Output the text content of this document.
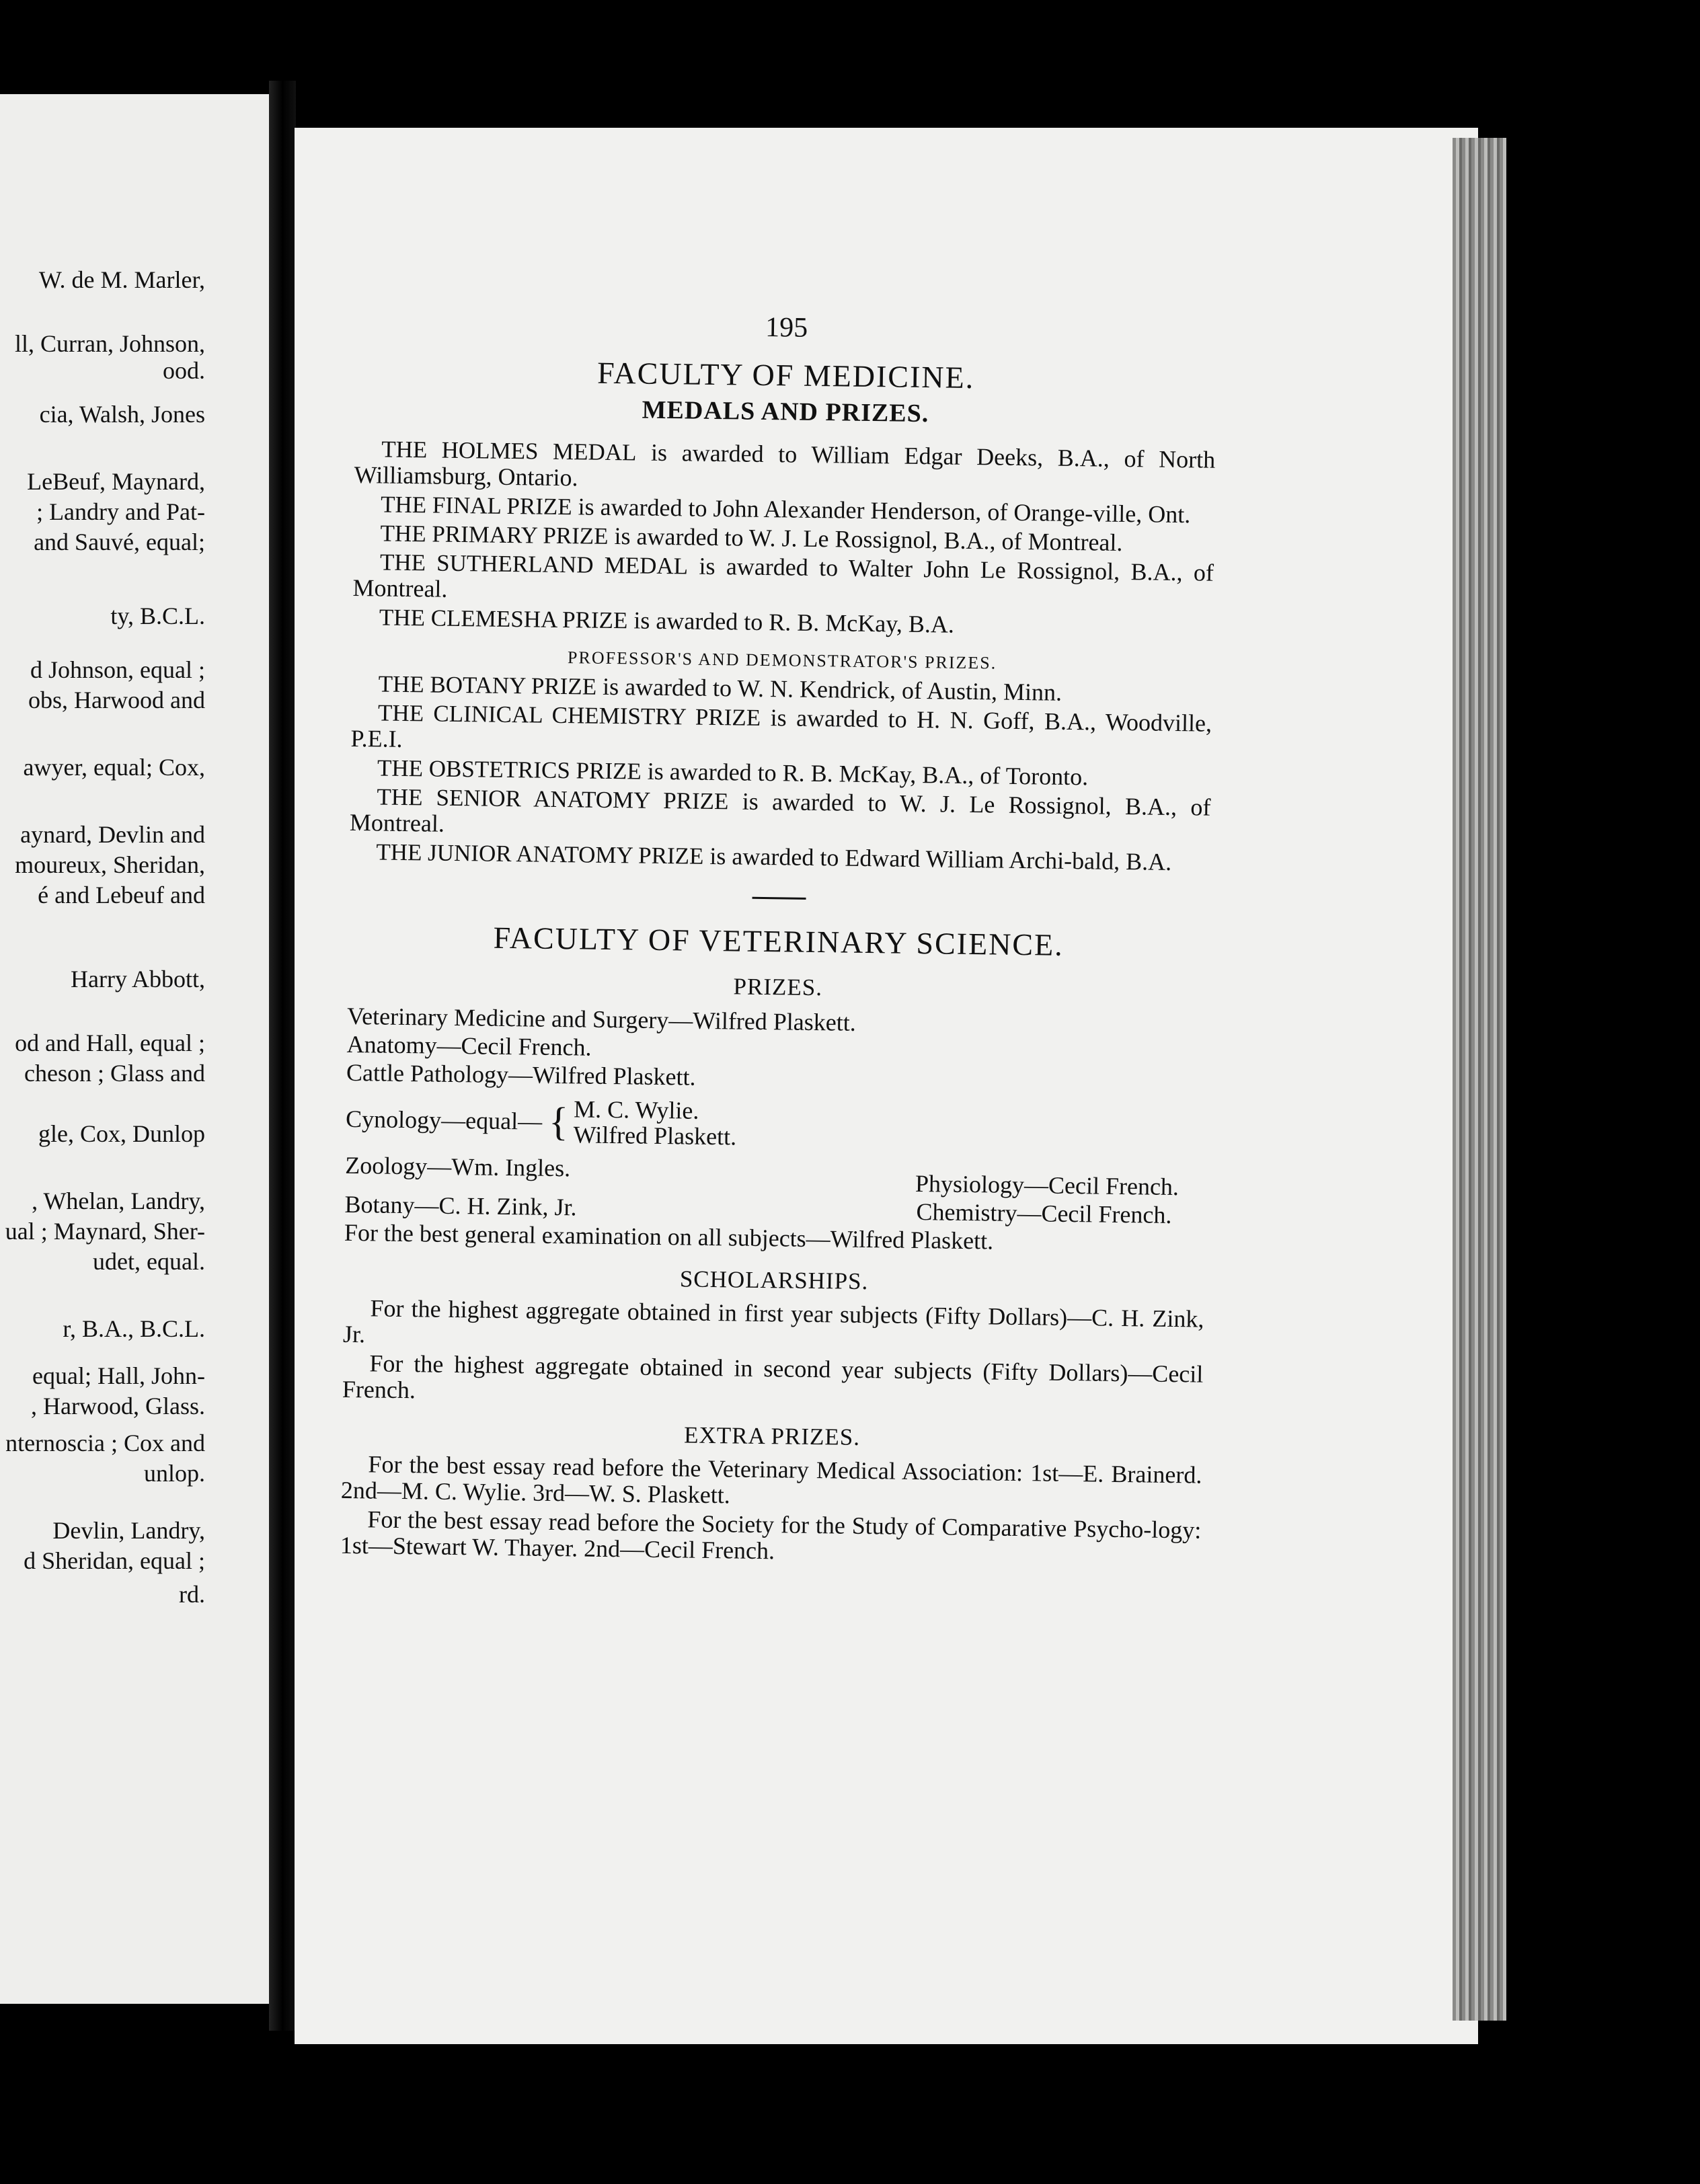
W. de M. Marler,
ll, Curran, Johnson,
ood.
cia, Walsh, Jones
LeBeuf, Maynard,
; Landry and Pat-
and Sauvé, equal;
ty, B.C.L.
d Johnson, equal ;
obs, Harwood and
awyer, equal; Cox,
aynard, Devlin and
moureux, Sheridan,
é and Lebeuf and
Harry Abbott,
od and Hall, equal ;
cheson ; Glass and
gle, Cox, Dunlop
, Whelan, Landry,
ual ; Maynard, Sher-
udet, equal.
r, B.A., B.C.L.
equal; Hall, John-
, Harwood, Glass.
nternoscia ; Cox and
unlop.
Devlin, Landry,
d Sheridan, equal ;
rd.
195
FACULTY OF MEDICINE.
MEDALS AND PRIZES.

THE HOLMES MEDAL is awarded to William Edgar Deeks, B.A., of North Williamsburg, Ontario.

THE FINAL PRIZE is awarded to John Alexander Henderson, of Orange-ville, Ont.

THE PRIMARY PRIZE is awarded to W. J. Le Rossignol, B.A., of Montreal.

THE SUTHERLAND MEDAL is awarded to Walter John Le Rossignol, B.A., of Montreal.

THE CLEMESHA PRIZE is awarded to R. B. McKay, B.A.

PROFESSOR'S AND DEMONSTRATOR'S PRIZES.

THE BOTANY PRIZE is awarded to W. N. Kendrick, of Austin, Minn.

THE CLINICAL CHEMISTRY PRIZE is awarded to H. N. Goff, B.A., Woodville, P.E.I.

THE OBSTETRICS PRIZE is awarded to R. B. McKay, B.A., of Toronto.

THE SENIOR ANATOMY PRIZE is awarded to W. J. Le Rossignol, B.A., of Montreal.

THE JUNIOR ANATOMY PRIZE is awarded to Edward William Archi-bald, B.A.

FACULTY OF VETERINARY SCIENCE.
PRIZES.

Veterinary Medicine and Surgery—Wilfred Plaskett.

Anatomy—Cecil French.

Cattle Pathology—Wilfred Plaskett.

Cynology—equal— { M. C. Wylie.
Wilfred Plaskett.
Zoology—Wm. Ingles.
Physiology—Cecil French.
Botany—C. H. Zink, Jr.	Chemistry—Cecil French.

For the best general examination on all subjects—Wilfred Plaskett.

SCHOLARSHIPS.

For the highest aggregate obtained in first year subjects (Fifty Dollars)—C. H. Zink, Jr.

For the highest aggregate obtained in second year subjects (Fifty Dollars)—Cecil French.

EXTRA PRIZES.

For the best essay read before the Veterinary Medical Association: 1st—E. Brainerd. 2nd—M. C. Wylie. 3rd—W. S. Plaskett.

For the best essay read before the Society for the Study of Comparative Psycho-logy: 1st—Stewart W. Thayer. 2nd—Cecil French.
